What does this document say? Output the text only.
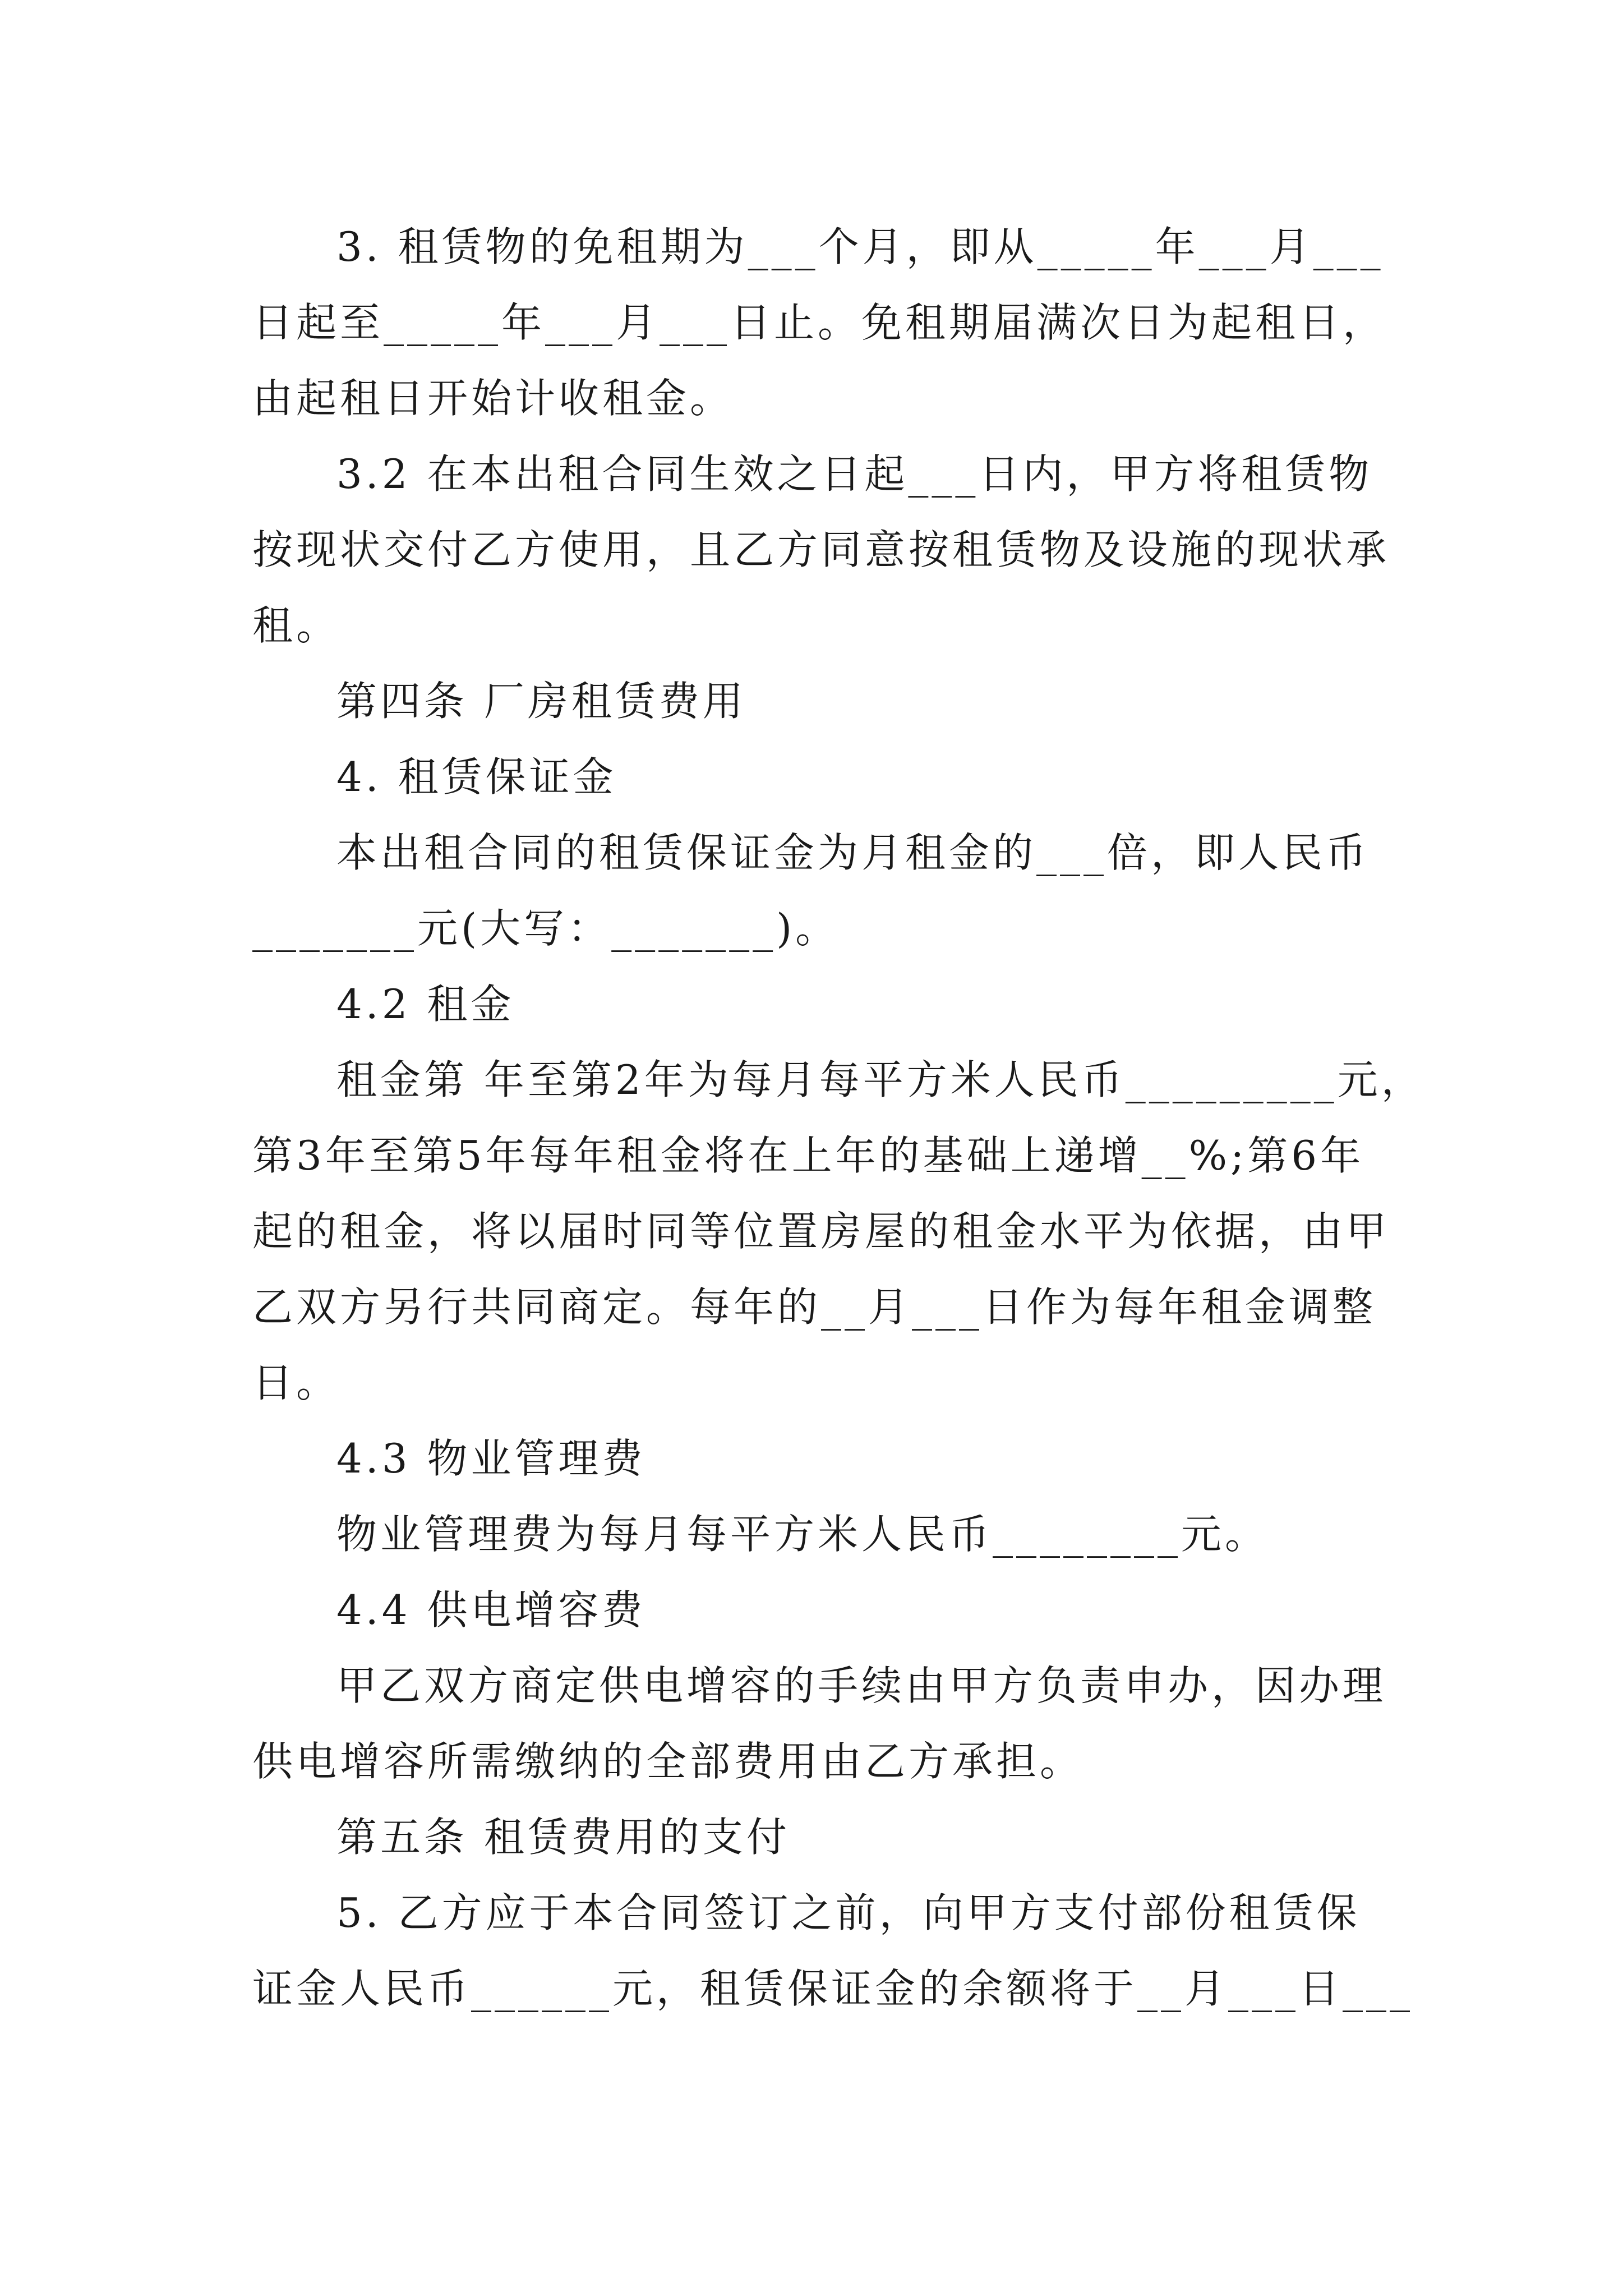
3. 租赁物的免租期为___个月，即从_____年___月___
日起至_____年___月___日止。免租期届满次日为起租日，
由起租日开始计收租金。
3.2 在本出租合同生效之日起___日内，甲方将租赁物
按现状交付乙方使用，且乙方同意按租赁物及设施的现状承
租。
第四条 厂房租赁费用
4. 租赁保证金
本出租合同的租赁保证金为月租金的___倍，即人民币
_______元(大写：_______)。
4.2 租金
租金第 年至第2年为每月每平方米人民币_________元，
第3年至第5年每年租金将在上年的基础上递增__%;第6年
起的租金，将以届时同等位置房屋的租金水平为依据，由甲
乙双方另行共同商定。每年的__月___日作为每年租金调整
日。
4.3 物业管理费
物业管理费为每月每平方米人民币________元。
4.4 供电增容费
甲乙双方商定供电增容的手续由甲方负责申办，因办理
供电增容所需缴纳的全部费用由乙方承担。
第五条 租赁费用的支付
5. 乙方应于本合同签订之前，向甲方支付部份租赁保
证金人民币______元，租赁保证金的余额将于__月___日___
